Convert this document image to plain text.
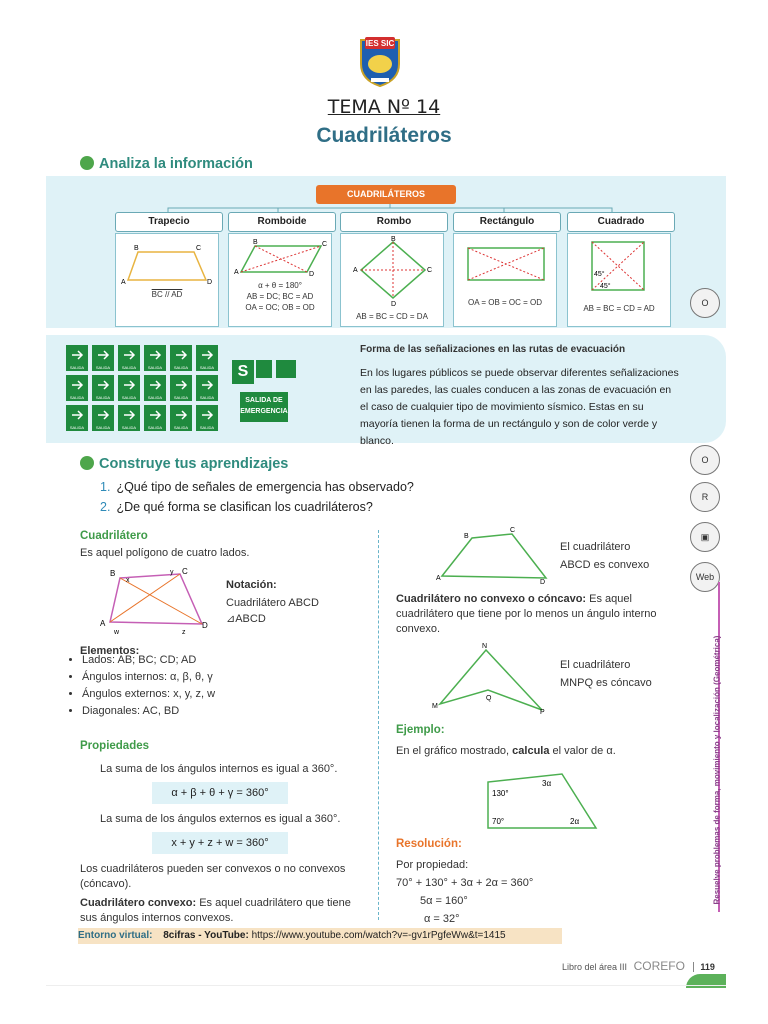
IES SIC
TEMA Nº 14
Cuadriláteros
Analiza la información
CUADRILÁTEROS
Trapecio	Romboide	Rombo	Rectángulo	Cuadrado
B	C
A	D
BC // AD
B	C
A	D
α + θ = 180°
AB = DC; BC = AD
OA = OC; OB = OD
B
C
A
D
AB = BC = CD = DA
OA = OB = OC = OD
45°
45°
AB = BC = CD = AD
O
O
R
▣
Web
SALIDA	SALIDA	SALIDA	SALIDA	SALIDA	SALIDA
SALIDA	SALIDA	SALIDA	SALIDA	SALIDA	SALIDA
SALIDA	SALIDA	SALIDA	SALIDA	SALIDA	SALIDA
S
SALIDA DE EMERGENCIA
Forma de las señalizaciones en las rutas de evacuación
En los lugares públicos se puede observar diferentes señalizaciones en las paredes, las cuales conducen a las zonas de evacuación en el caso de cualquier tipo de movimiento sísmico. Estas en su mayoría tienen la forma de un rectángulo y son de color verde y blanco.
Construye tus aprendizajes
1. ¿Qué tipo de señales de emergencia has observado?
2. ¿De qué forma se clasifican los cuadriláteros?
Cuadrilátero
Es aquel polígono de cuatro lados.
B	C
A	D
x
y
z
w
Notación:
Cuadrilátero ABCD
⊿ABCD
Elementos:
• Lados: AB; BC; CD; AD
• Ángulos internos: α, β, θ, γ
• Ángulos externos: x, y, z, w
• Diagonales: AC, BD
Propiedades
La suma de los ángulos internos es igual a 360°.
α + β + θ + γ = 360°
La suma de los ángulos externos es igual a 360°.
x + y + z + w = 360°
Los cuadriláteros pueden ser convexos o no convexos (cóncavo).
Cuadrilátero convexo: Es aquel cuadrilátero que tiene sus ángulos internos convexos.
B
C
A
D
El cuadrilátero
ABCD es convexo
Cuadrilátero no convexo o cóncavo: Es aquel cuadrilátero que tiene por lo menos un ángulo interno convexo.
N
M
P
Q
El cuadrilátero
MNPQ es cóncavo
Ejemplo:
En el gráfico mostrado, calcula el valor de α.
130°
3α
70°	2α
Resolución:
Por propiedad:
70° + 130° + 3α + 2α = 360°
5α = 160°
α = 32°
Resuelve problemas de forma, movimiento y localización (Geométrica)
Entorno virtual: 8cifras - YouTube: https://www.youtube.com/watch?v=-gv1rPgfeWw&t=1415
Libro del área III COREFO 119
